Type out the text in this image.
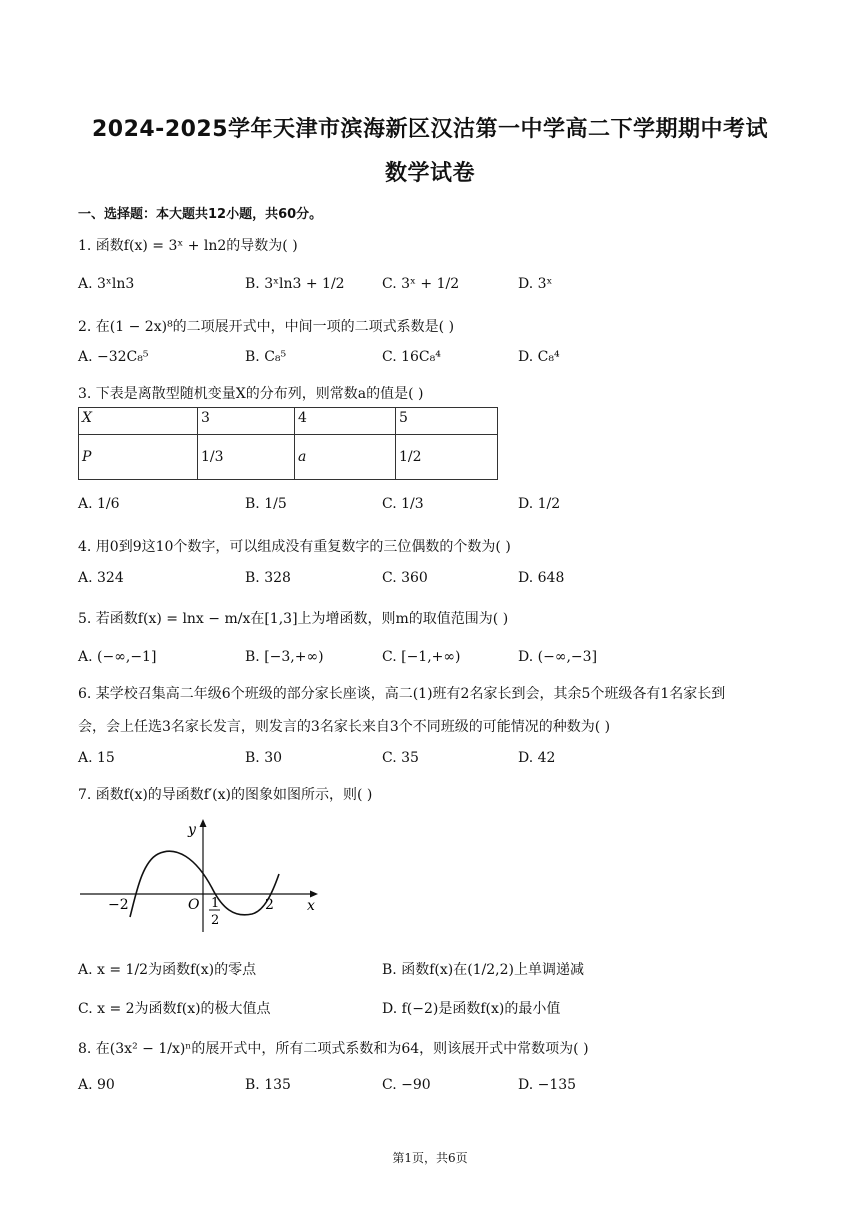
2024-2025学年天津市滨海新区汉沽第一中学高二下学期期中考试
数学试卷
一、选择题：本大题共12小题，共60分。
1. 函数f(x) = 3ˣ + ln2的导数为( )
A. 3ˣln3	B. 3ˣln3 + 1/2	C. 3ˣ + 1/2	D. 3ˣ
2. 在(1 − 2x)⁸的二项展开式中，中间一项的二项式系数是( )
A. −32C₈⁵	B. C₈⁵	C. 16C₈⁴	D. C₈⁴
3. 下表是离散型随机变量X的分布列，则常数a的值是( )
X	3	4	5
P	1/3	a	1/2
A. 1/6	B. 1/5	C. 1/3	D. 1/2
4. 用0到9这10个数字，可以组成没有重复数字的三位偶数的个数为( )
A. 324	B. 328	C. 360	D. 648
5. 若函数f(x) = lnx − m/x在[1,3]上为增函数，则m的取值范围为( )
A. (−∞,−1]	B. [−3,+∞)	C. [−1,+∞)	D. (−∞,−3]
6. 某学校召集高二年级6个班级的部分家长座谈，高二(1)班有2名家长到会，其余5个班级各有1名家长到
会，会上任选3名家长发言，则发言的3名家长来自3个不同班级的可能情况的种数为( )
A. 15	B. 30	C. 35	D. 42
7. 函数f(x)的导函数f′(x)的图象如图所示，则( )
y
x
O
−2	1
2
2
A. x = 1/2为函数f(x)的零点	B. 函数f(x)在(1/2,2)上单调递减
C. x = 2为函数f(x)的极大值点	D. f(−2)是函数f(x)的最小值
8. 在(3x² − 1/x)ⁿ的展开式中，所有二项式系数和为64，则该展开式中常数项为( )
A. 90	B. 135	C. −90	D. −135
第1页，共6页
